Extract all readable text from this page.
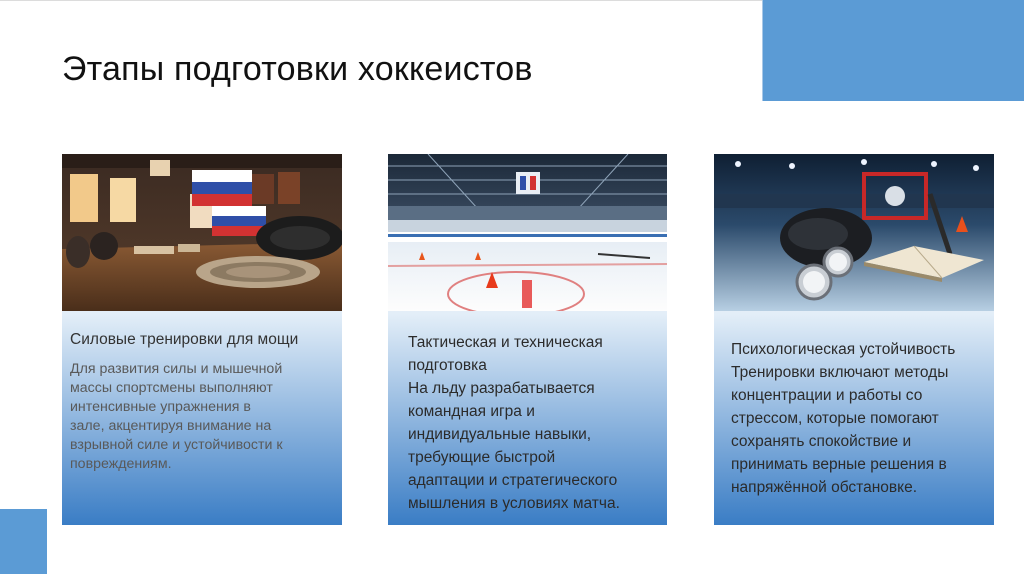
Этапы подготовки хоккеистов
Силовые тренировки для мощи
Для развития силы и мышечной
массы спортсмены выполняют
интенсивные упражнения в
зале, акцентируя внимание на
взрывной силе и устойчивости к
повреждениям.
Тактическая и техническая
подготовка
На льду разрабатывается
командная игра и
индивидуальные навыки,
требующие быстрой
адаптации и стратегического
мышления в условиях матча.
Психологическая устойчивость
Тренировки включают методы
концентрации и работы со
стрессом, которые помогают
сохранять спокойствие и
принимать верные решения в
напряжённой обстановке.
